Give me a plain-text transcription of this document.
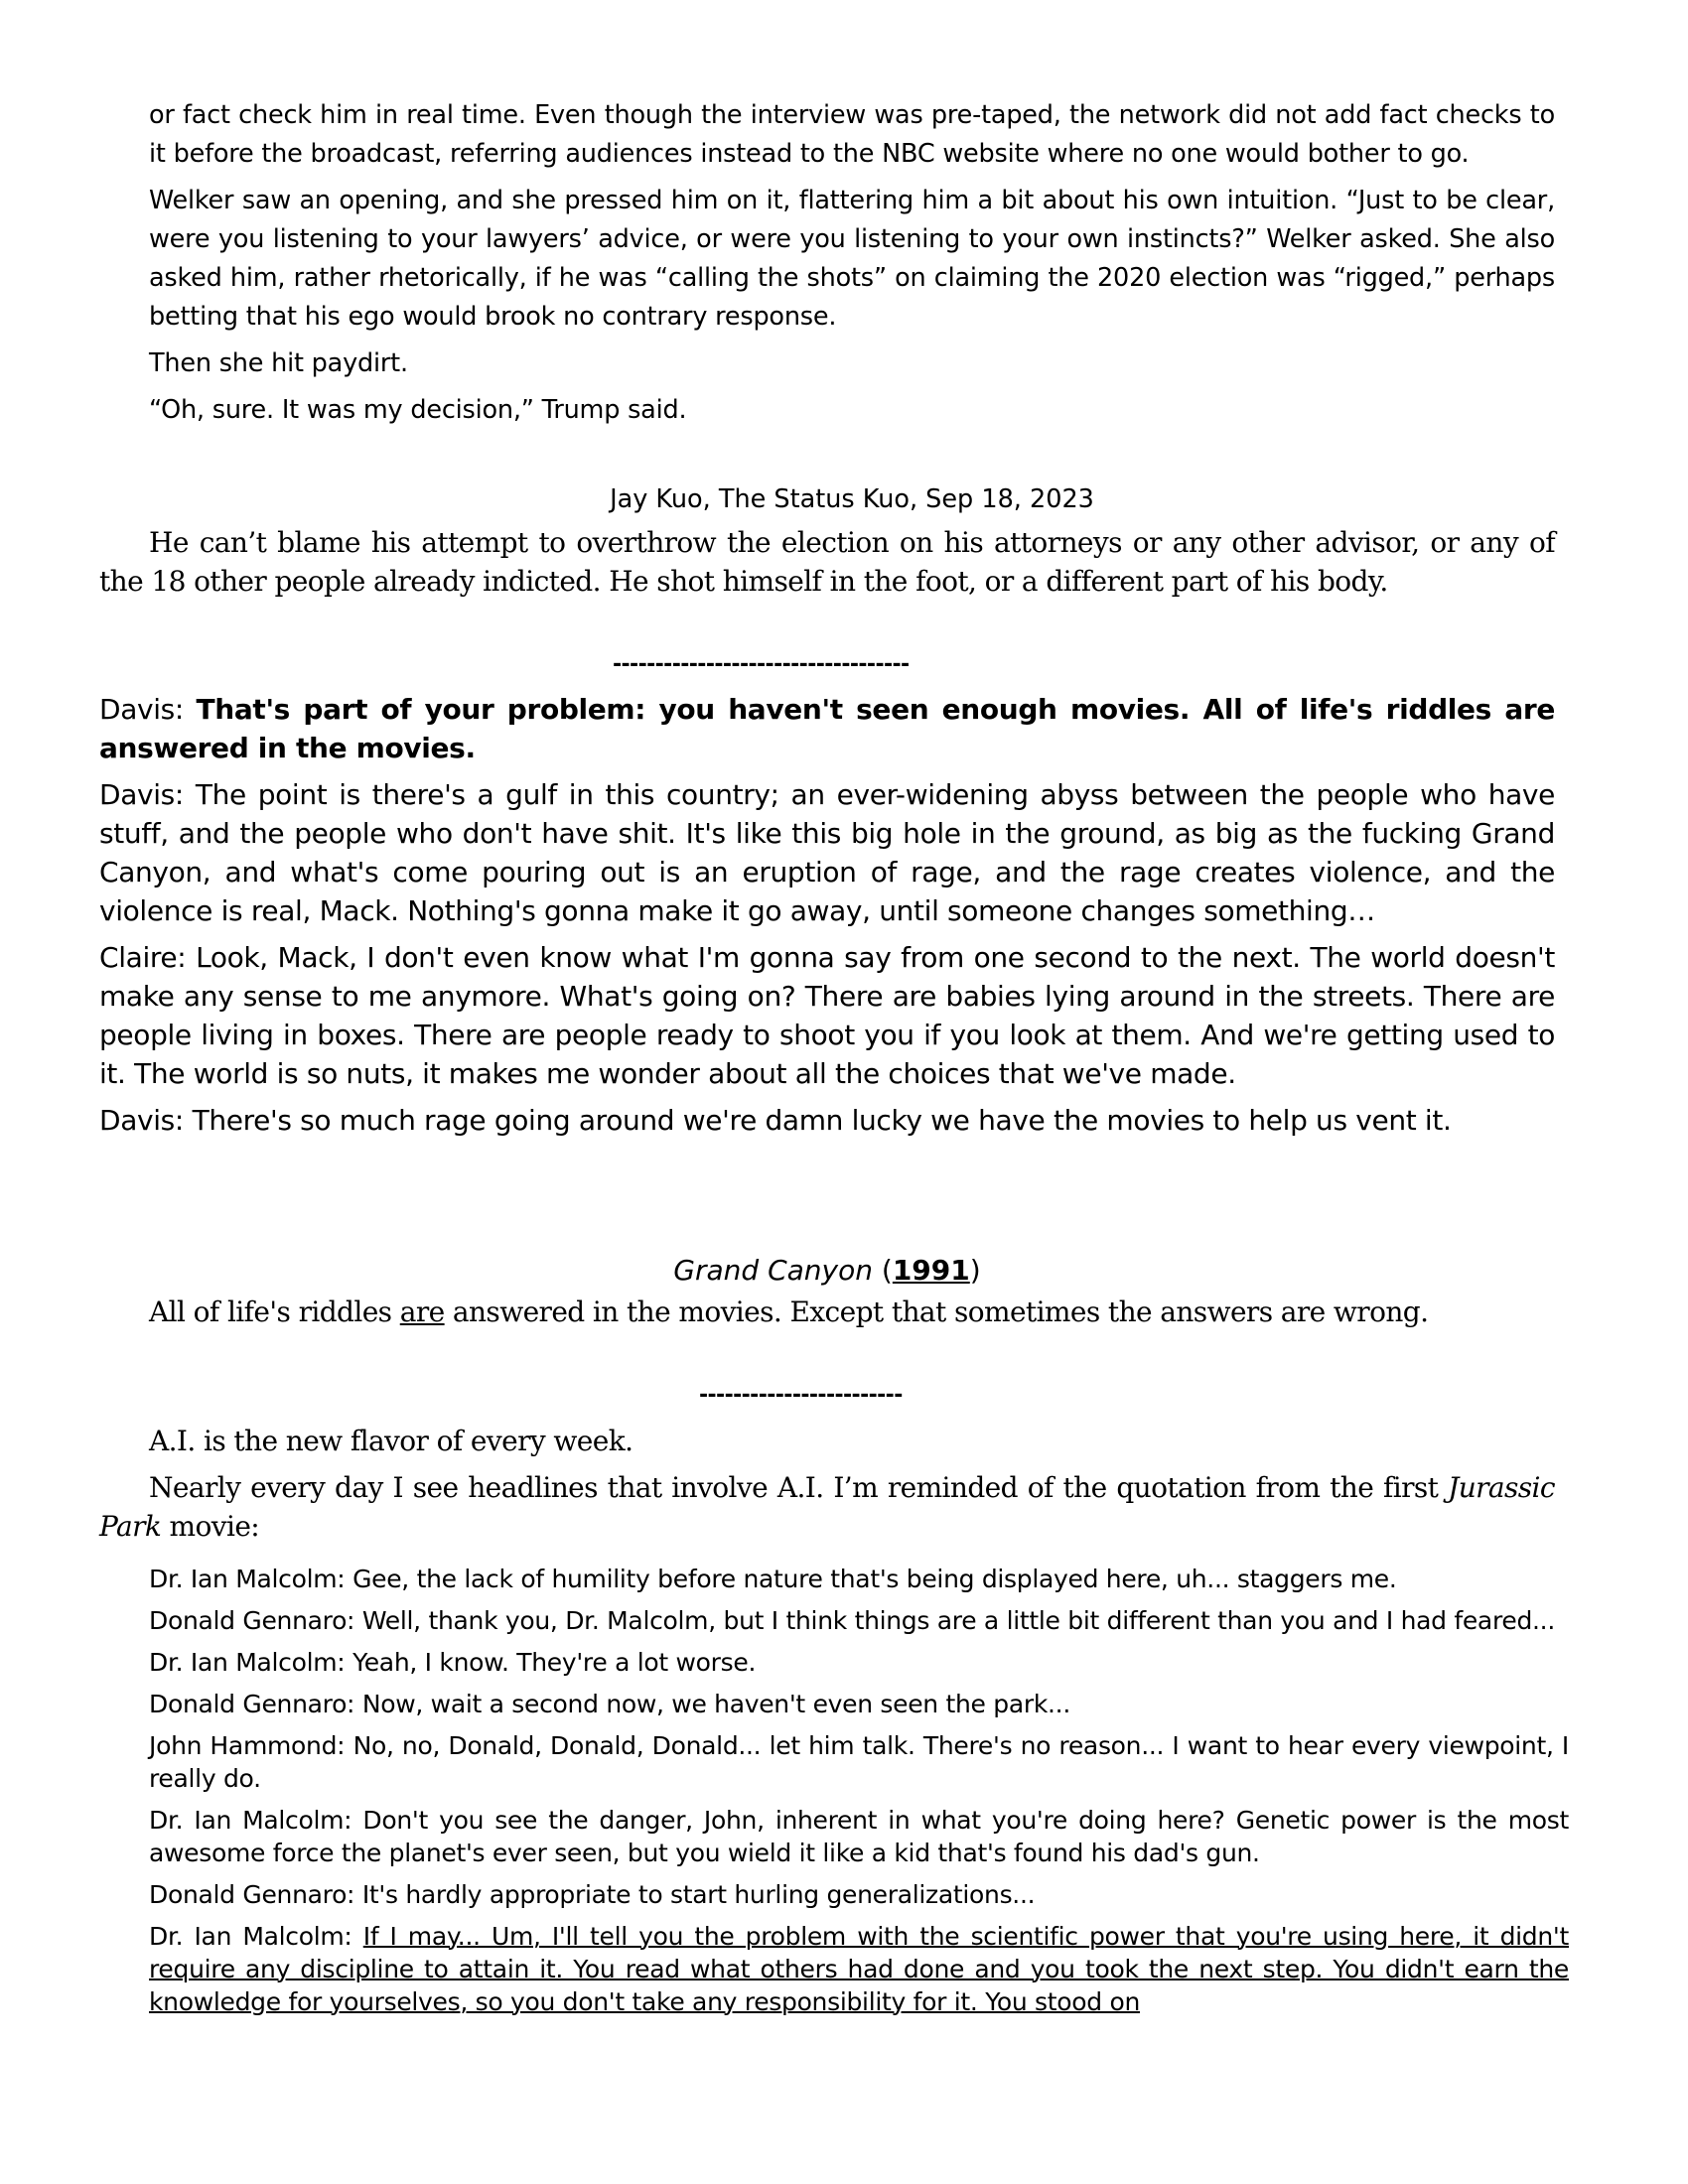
or fact check him in real time. Even though the interview was pre-taped, the network did not add fact checks to it before the broadcast, referring audiences instead to the NBC website where no one would bother to go.

Welker saw an opening, and she pressed him on it, flattering him a bit about his own intuition. “Just to be clear, were you listening to your lawyers’ advice, or were you listening to your own instincts?” Welker asked. She also asked him, rather rhetorically, if he was “calling the shots” on claiming the 2020 election was “rigged,” perhaps betting that his ego would brook no contrary response.

Then she hit paydirt.

“Oh, sure. It was my decision,” Trump said.

Jay Kuo, The Status Kuo, Sep 18, 2023

He can’t blame his attempt to overthrow the election on his attorneys or any other advisor, or any of the 18 other people already indicted. He shot himself in the foot, or a different part of his body.

-----------------------------------

Davis: That's part of your problem: you haven't seen enough movies. All of life's riddles are answered in the movies.

Davis: The point is there's a gulf in this country; an ever-widening abyss between the people who have stuff, and the people who don't have shit. It's like this big hole in the ground, as big as the fucking Grand Canyon, and what's come pouring out is an eruption of rage, and the rage creates violence, and the violence is real, Mack. Nothing's gonna make it go away, until someone changes something…

Claire: Look, Mack, I don't even know what I'm gonna say from one second to the next. The world doesn't make any sense to me anymore. What's going on? There are babies lying around in the streets. There are people living in boxes. There are people ready to shoot you if you look at them. And we're getting used to it. The world is so nuts, it makes me wonder about all the choices that we've made.

Davis: There's so much rage going around we're damn lucky we have the movies to help us vent it.

Grand Canyon (1991)

All of life's riddles are answered in the movies. Except that sometimes the answers are wrong.

------------------------

A.I. is the new flavor of every week.

Nearly every day I see headlines that involve A.I. I’m reminded of the quotation from the first Jurassic Park movie:

Dr. Ian Malcolm: Gee, the lack of humility before nature that's being displayed here, uh... staggers me.

Donald Gennaro: Well, thank you, Dr. Malcolm, but I think things are a little bit different than you and I had feared...

Dr. Ian Malcolm: Yeah, I know. They're a lot worse.

Donald Gennaro: Now, wait a second now, we haven't even seen the park...

John Hammond: No, no, Donald, Donald, Donald... let him talk. There's no reason... I want to hear every viewpoint, I really do.

Dr. Ian Malcolm: Don't you see the danger, John, inherent in what you're doing here? Genetic power is the most awesome force the planet's ever seen, but you wield it like a kid that's found his dad's gun.

Donald Gennaro: It's hardly appropriate to start hurling generalizations...

Dr. Ian Malcolm: If I may... Um, I'll tell you the problem with the scientific power that you're using here, it didn't require any discipline to attain it. You read what others had done and you took the next step. You didn't earn the knowledge for yourselves, so you don't take any responsibility for it. You stood on
